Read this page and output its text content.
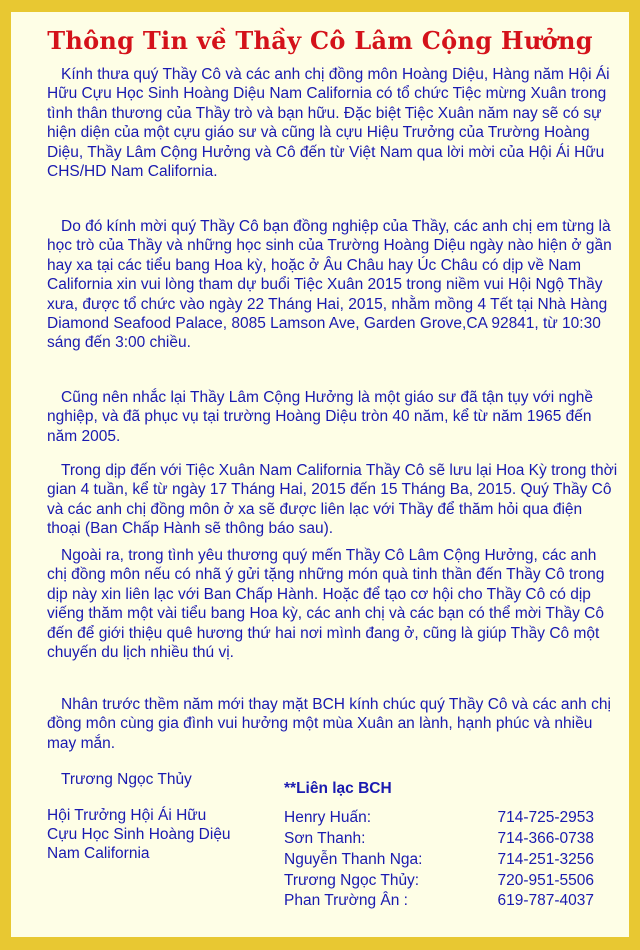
Thông Tin về Thầy Cô Lâm Cộng Hưởng

Kính thưa quý Thầy Cô và các anh chị đồng môn Hoàng Diệu, Hàng năm Hội Ái Hữu Cựu Học Sinh Hoàng Diệu Nam California có tổ chức Tiệc mừng Xuân trong tình thân thương của Thầy trò và bạn hữu. Đặc biệt Tiệc Xuân năm nay sẽ có sự hiện diện của một cựu giáo sư và cũng là cựu Hiệu Trưởng của Trường Hoàng Diệu, Thầy Lâm Cộng Hưởng và Cô đến từ Việt Nam qua lời mời của Hội Ái Hữu CHS/HD Nam California.

Do đó kính mời quý Thầy Cô bạn đồng nghiệp của Thầy, các anh chị em từng là học trò của Thầy và những học sinh của Trường Hoàng Diệu ngày nào hiện ở gần hay xa tại các tiểu bang Hoa kỳ, hoặc ở Âu Châu hay Úc Châu có dịp về Nam California xin vui lòng tham dự buổi Tiệc Xuân 2015 trong niềm vui Hội Ngộ Thầy xưa, được tổ chức vào ngày 22 Tháng Hai, 2015, nhằm mồng 4 Tết tại Nhà Hàng Diamond Seafood Palace, 8085 Lamson Ave, Garden Grove,CA 92841, từ 10:30 sáng đến 3:00 chiều.

Cũng nên nhắc lại Thầy Lâm Cộng Hưởng là một giáo sư đã tận tụy với nghề nghiệp, và đã phục vụ tại trường Hoàng Diệu tròn 40 năm, kể từ năm 1965 đến năm 2005.

Trong dịp đến với Tiệc Xuân Nam California Thầy Cô sẽ lưu lại Hoa Kỳ trong thời gian 4 tuần, kể từ ngày 17 Tháng Hai, 2015 đến 15 Tháng Ba, 2015. Quý Thầy Cô và các anh chị đồng môn ở xa sẽ được liên lạc với Thầy để thăm hỏi qua điện thoại (Ban Chấp Hành sẽ thông báo sau).

Ngoài ra, trong tình yêu thương quý mến Thầy Cô Lâm Cộng Hưởng, các anh chị đồng môn nếu có nhã ý gửi tặng những món quà tinh thần đến Thầy Cô trong dịp này xin liên lạc với Ban Chấp Hành. Hoặc để tạo cơ hội cho Thầy Cô có dịp viếng thăm một vài tiểu bang Hoa kỳ, các anh chị và các bạn có thể mời Thầy Cô đến để giới thiệu quê hương thứ hai nơi mình đang ở, cũng là giúp Thầy Cô một chuyến du lịch nhiều thú vị.

Nhân trước thềm năm mới thay mặt BCH kính chúc quý Thầy Cô và các anh chị đồng môn cùng gia đình vui hưởng một mùa Xuân an lành, hạnh phúc và nhiều may mắn.

Trương Ngọc Thủy
Hội Trưởng Hội Ái Hữu
Cựu Học Sinh Hoàng Diệu
Nam California
**Liên lạc BCH
Henry Huấn:	714-725-2953
Sơn Thanh:	714-366-0738
Nguyễn Thanh Nga:	714-251-3256
Trương Ngọc Thủy:	720-951-5506
Phan Trường Ân :	619-787-4037
